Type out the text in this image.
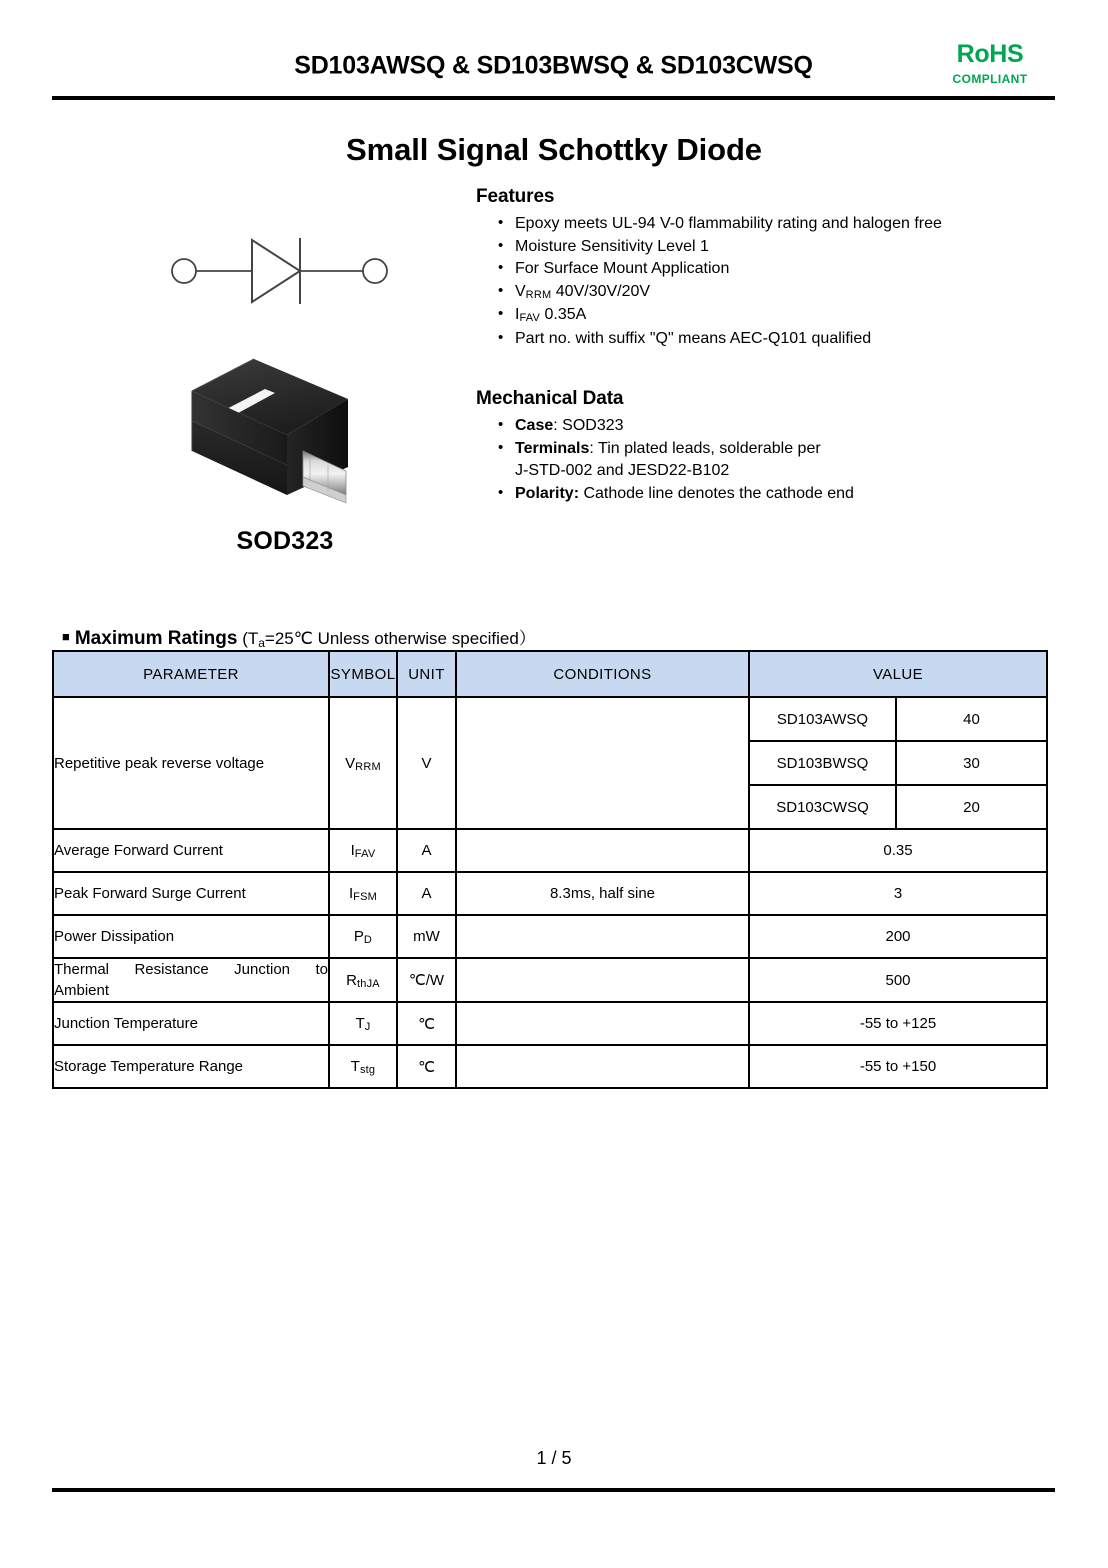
SD103AWSQ & SD103BWSQ & SD103CWSQ	RoHS
COMPLIANT
Small Signal Schottky Diode
SOD323
Features
• Epoxy meets UL-94 V-0 flammability rating and halogen free
• Moisture Sensitivity Level 1
• For Surface Mount Application
• VRRM 40V/30V/20V
• IFAV 0.35A
• Part no. with suffix "Q" means AEC-Q101 qualified
Mechanical Data
• Case: SOD323
• Terminals: Tin plated leads, solderable per
J-STD-002 and JESD22-B102
• Polarity: Cathode line denotes the cathode end
■ Maximum Ratings (Ta=25℃ Unless otherwise specified）
PARAMETER	SYMBOL	UNIT	CONDITIONS	VALUE	
Repetitive peak reverse voltage	VRRM	V		SD103AWSQ	40
				SD103BWSQ	30
				SD103CWSQ	20
Average Forward Current	IFAV	A		0.35	
Peak Forward Surge Current	IFSM	A	8.3ms, half sine	3	
Power Dissipation	PD	mW		200	

Thermal Resistance Junction to
Ambient	RthJA	℃/W		500	
Junction Temperature	TJ	℃		-55 to +125	
Storage Temperature Range	Tstg	℃		-55 to +150	
1 / 5
